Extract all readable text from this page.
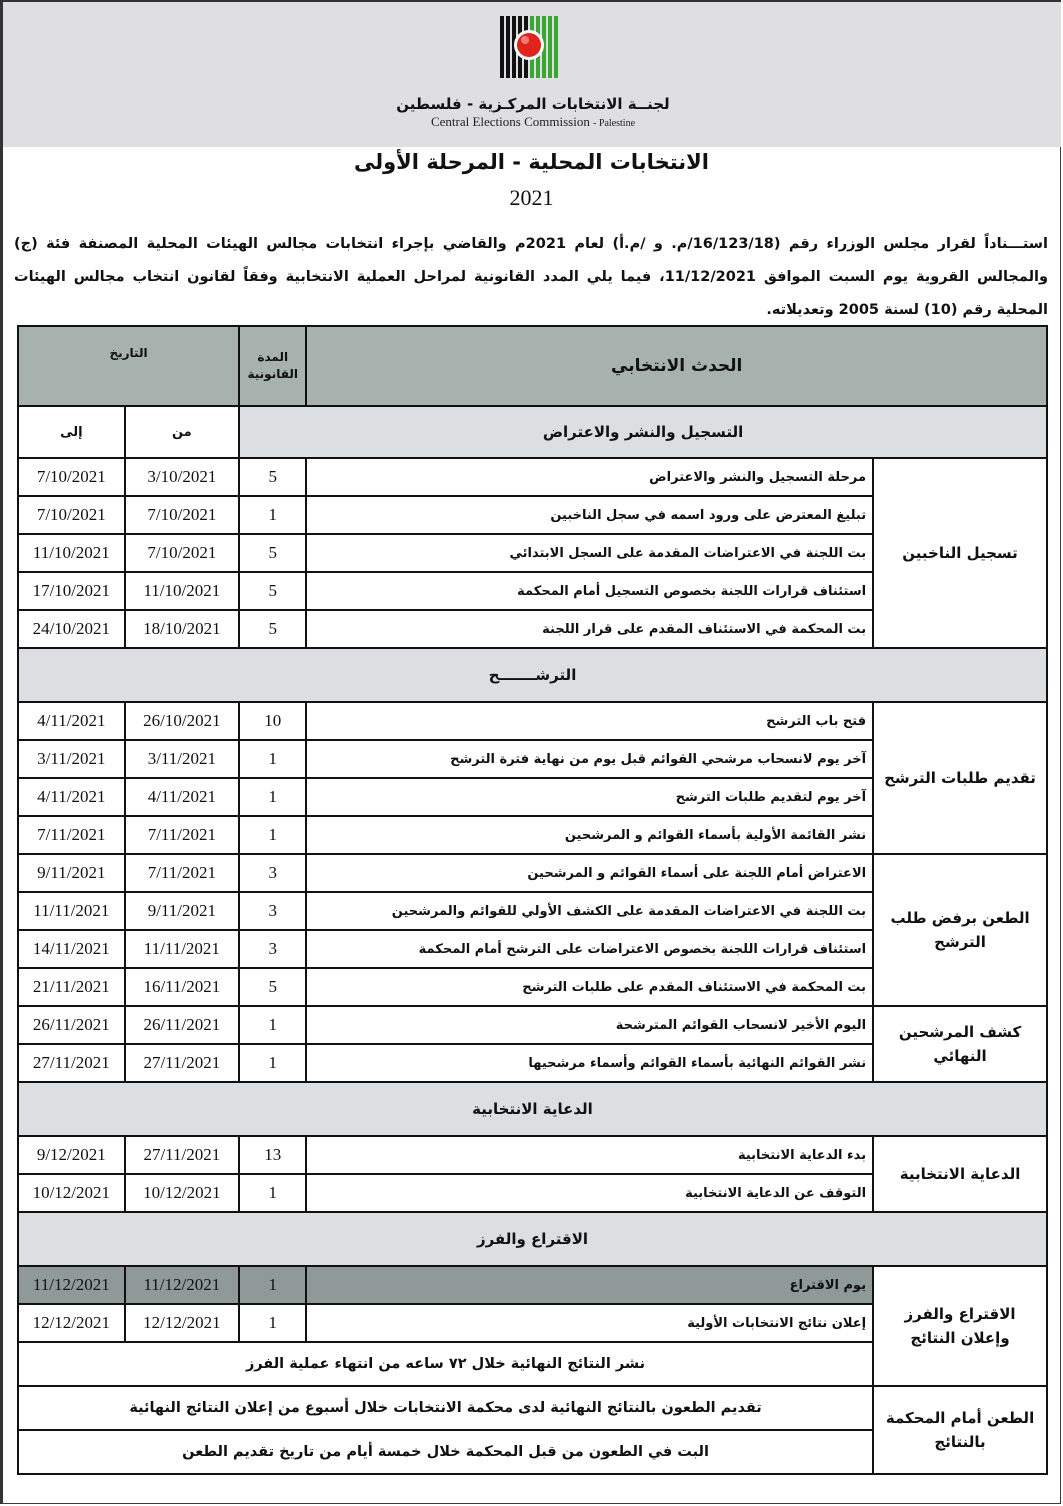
لجنــة الانتخابات المركـزية - فلسطين
Central Elections Commission - Palestine
الانتخابات المحلية - المرحلة الأولى
2021
استـــناداً لقرار مجلس الوزراء رقم (16/123/18/م. و /م.أ) لعام 2021م والقاضي بإجراء انتخابات مجالس الهيئات المحلية المصنفة فئة (ج) والمجالس القروية يوم السبت الموافق 11/12/2021، فيما يلي المدد القانونية لمراحل العملية الانتخابية وفقاً لقانون انتخاب مجالس الهيئات المحلية رقم (10) لسنة 2005 وتعديلاته.
الحدث الانتخابي		المدة القانونية	التاريخ	
التسجيل والنشر والاعتراض			من	إلى
تسجيل الناخبين	مرحلة التسجيل والنشر والاعتراض	5	3/10/2021	7/10/2021
	تبليغ المعترض على ورود اسمه في سجل الناخبين	1	7/10/2021	7/10/2021
	بت اللجنة في الاعتراضات المقدمة على السجل الابتدائي	5	7/10/2021	11/10/2021
	استئناف قرارات اللجنة بخصوص التسجيل أمام المحكمة	5	11/10/2021	17/10/2021
	بت المحكمة في الاستئناف المقدم على قرار اللجنة	5	18/10/2021	24/10/2021
الترشـــــــح				
تقديم طلبات الترشح	فتح باب الترشح	10	26/10/2021	4/11/2021
	آخر يوم لانسحاب مرشحي القوائم قبل يوم من نهاية فترة الترشح	1	3/11/2021	3/11/2021
	آخر يوم لتقديم طلبات الترشح	1	4/11/2021	4/11/2021
	نشر القائمة الأولية بأسماء القوائم و المرشحين	1	7/11/2021	7/11/2021
الطعن برفض طلب الترشح	الاعتراض أمام اللجنة على أسماء القوائم و المرشحين	3	7/11/2021	9/11/2021
	بت اللجنة في الاعتراضات المقدمة على الكشف الأولي للقوائم والمرشحين	3	9/11/2021	11/11/2021
	استئناف قرارات اللجنة بخصوص الاعتراضات على الترشح أمام المحكمة	3	11/11/2021	14/11/2021
	بت المحكمة في الاستئناف المقدم على طلبات الترشح	5	16/11/2021	21/11/2021
كشف المرشحين النهائي	اليوم الأخير لانسحاب القوائم المترشحة	1	26/11/2021	26/11/2021
	نشر القوائم النهائية بأسماء القوائم وأسماء مرشحيها	1	27/11/2021	27/11/2021
الدعاية الانتخابية				
الدعاية الانتخابية	بدء الدعاية الانتخابية	13	27/11/2021	9/12/2021
	التوقف عن الدعاية الانتخابية	1	10/12/2021	10/12/2021
الاقتراع والفرز				
الاقتراع والفرز وإعلان النتائج	يوم الاقتراع	1	11/12/2021	11/12/2021
	إعلان نتائج الانتخابات الأولية	1	12/12/2021	12/12/2021
	نشر النتائج النهائية خلال ٧٢ ساعه من انتهاء عملية الفرز			
الطعن أمام المحكمة بالنتائج	تقديم الطعون بالنتائج النهائية لدى محكمة الانتخابات خلال أسبوع من إعلان النتائج النهائية			
	البت في الطعون من قبل المحكمة خلال خمسة أيام من تاريخ تقديم الطعن			
